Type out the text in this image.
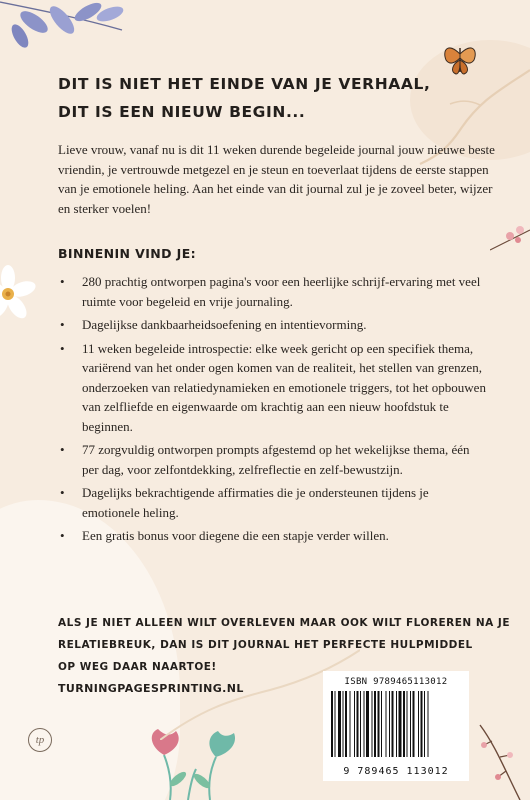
DIT IS NIET HET EINDE VAN JE VERHAAL,
DIT IS EEN NIEUW BEGIN...

Lieve vrouw, vanaf nu is dit 11 weken durende begeleide journal jouw nieuwe beste vriendin, je vertrouwde metgezel en je steun en toeverlaat tijdens de eerste stappen van je emotionele heling. Aan het einde van dit journal zul je je zoveel beter, wijzer en sterker voelen!

BINNENIN VIND JE:
• 280 prachtig ontworpen pagina's voor een heerlijke schrijf-ervaring met veel ruimte voor begeleid en vrije journaling.
• Dagelijkse dankbaarheidsoefening en intentievorming.
• 11 weken begeleide introspectie: elke week gericht op een specifiek thema, variërend van het onder ogen komen van de realiteit, het stellen van grenzen, onderzoeken van relatiedynamieken en emotionele triggers, tot het opbouwen van zelfliefde en eigenwaarde om krachtig aan een nieuw hoofdstuk te beginnen.
• 77 zorgvuldig ontworpen prompts afgestemd op het wekelijkse thema, één per dag, voor zelfontdekking, zelfreflectie en zelf-bewustzijn.
• Dagelijks bekrachtigende affirmaties die je ondersteunen tijdens je emotionele heling.
• Een gratis bonus voor diegene die een stapje verder willen.
ALS JE NIET ALLEEN WILT OVERLEVEN MAAR OOK WILT FLOREREN NA JE
RELATIEBREUK, DAN IS DIT JOURNAL HET PERFECTE HULPMIDDEL
OP WEG DAAR NAARTOE!
TURNINGPAGESPRINTING.NL
tp
ISBN 9789465113012
9 789465 113012
